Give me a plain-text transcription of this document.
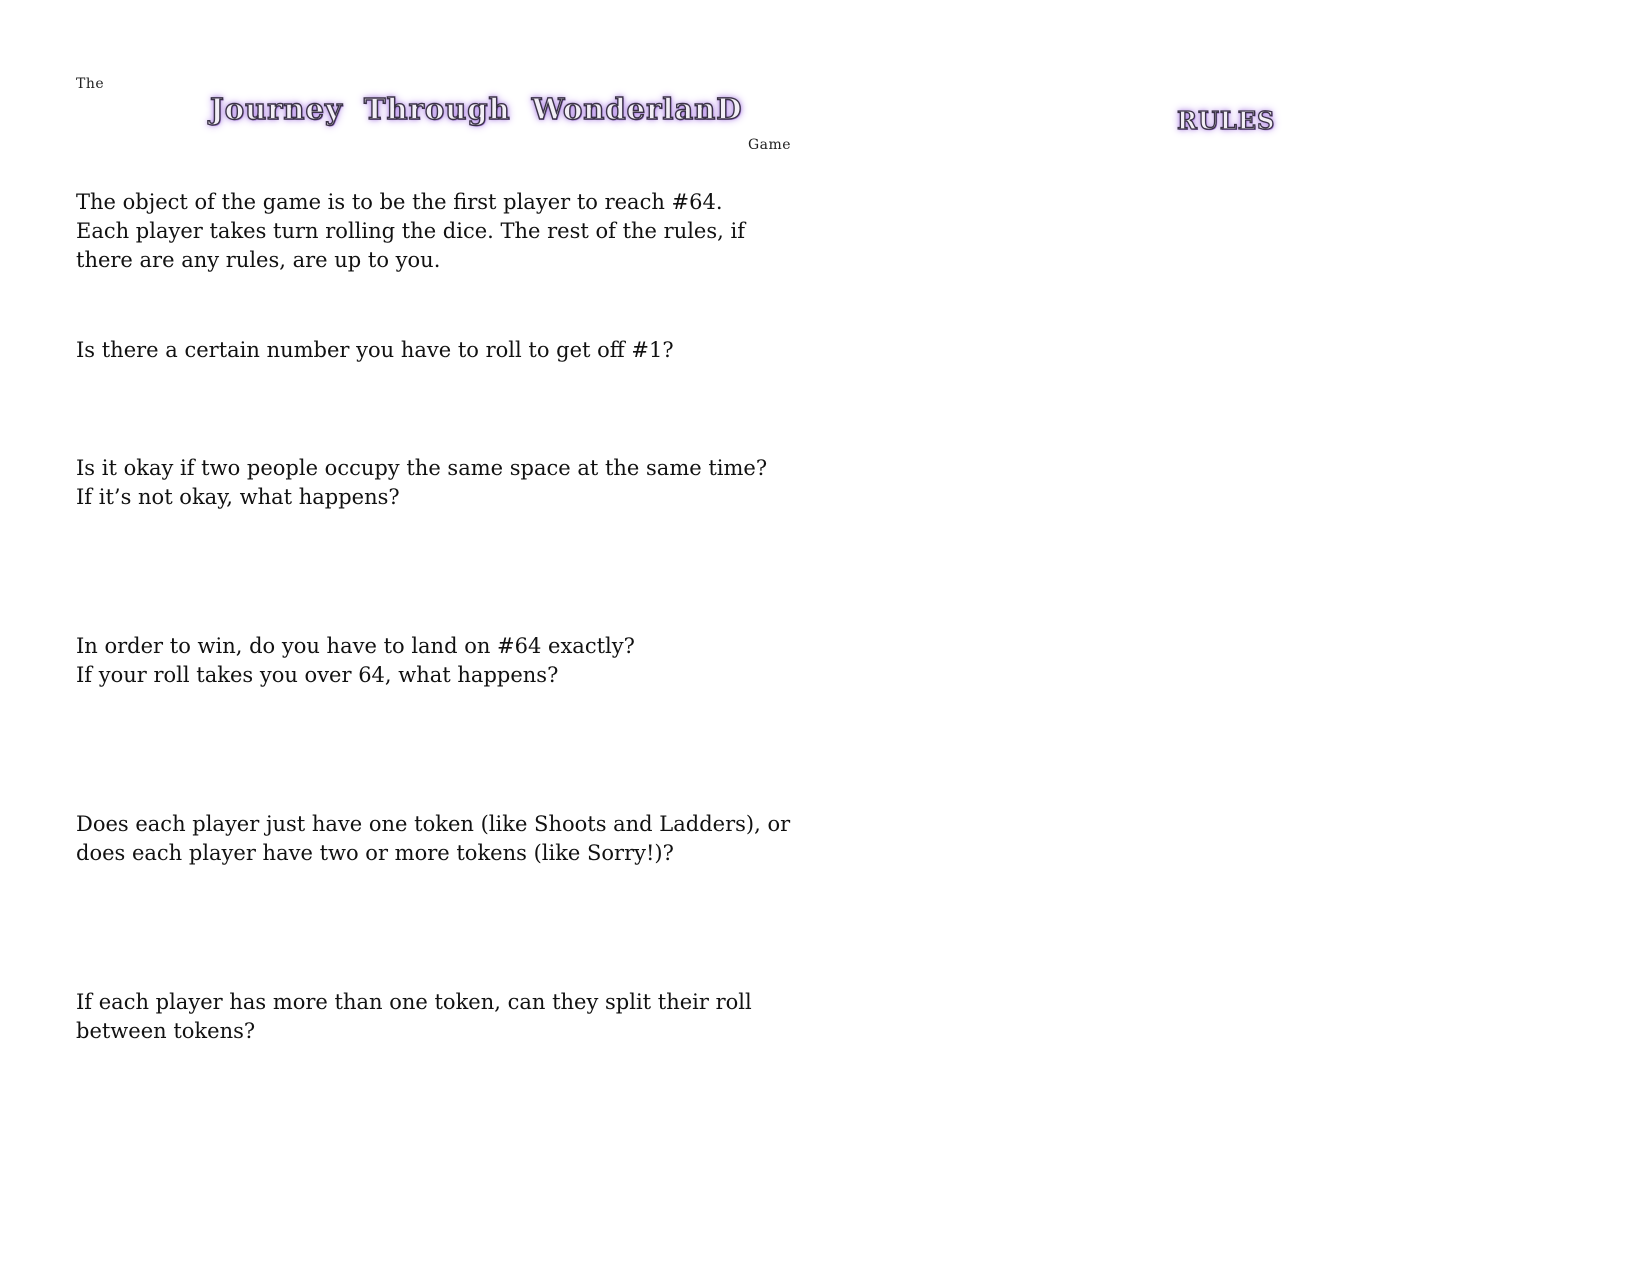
The
Journey Through WonderlanD
Game
RULES
The object of the game is to be the first player to reach #64.
Each player takes turn rolling the dice. The rest of the rules, if
there are any rules, are up to you.
Is there a certain number you have to roll to get off #1?
Is it okay if two people occupy the same space at the same time?
If it’s not okay, what happens?
In order to win, do you have to land on #64 exactly?
If your roll takes you over 64, what happens?
Does each player just have one token (like Shoots and Ladders), or
does each player have two or more tokens (like Sorry!)?
If each player has more than one token, can they split their roll
between tokens?
